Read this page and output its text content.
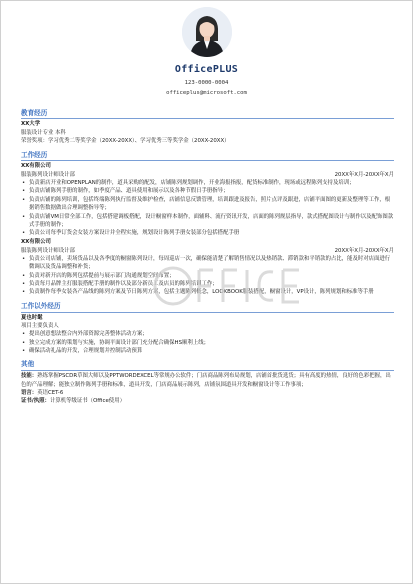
OfficePLUS
123-0000-0004
officeplus@microsoft.com
教育经历
XX大学
服装设计专业 本科
荣誉奖项：学习优秀二等奖学金（20XX-20XX）、学习优秀三等奖学金（20XX-20XX）
工作经历
XX有限公司
服装陈列设计师设计部	20XX年X月-20XX年X月
• 负责新店开业和OPENPLAN的制作，道具采购的配发，店铺陈列规划调作，开业海报指报，配货标准制作，现场或远程陈列支持及培训；
• 负责店铺陈列手册的制作，如季度产品、道具使用和展示以及各种节假日手册指导；
• 负责店铺的陈列培训，包括终端陈列执行监督及维护检查，店铺信息反馈管理，培训跟进及报告，照片点评及跟进，店铺平面图的更新及整理等工作，根据销售数据做出合理调整指导等；
• 负责店铺VM日常全部工作，包括搭建调板搭配，设计橱窗样本制作，面辅料、流行资讯开发，店面的陈列规层指导，款式搭配图设计与制作以及配饰图款式手册的制作；
• 负责公司每季订货会女装方案设计并全程实施，规划设计陈列手册女装部分包括搭配手册
XX有限公司
服装陈列设计师设计部	20XX年X月-20XX年X月
• 负责公司店铺，卖场货品以及各季度的橱窗陈列设计，每周巡店一次，确保能清楚了解销售情况以及热销款、滞销款和平销款的占比，能及时对店面进行微调以及货品调整和补货；
• 负责对新开店的陈列包括提前与展示部门沟通规划空间布置；
• 负责每月品牌主打服装搭配手册的制作以及部分新员工及店员的陈列培训工作；
• 负责制作每季女装各产品线的陈列方案及节日陈列方案，包括主题陈列概念，LOOKBOOK服装搭配，橱窗设计，VP设计，陈列规划和标准等手册
工作以外经历
夏也时髦
项目主要负责人
• 提出创意想法整合内外部资源完善整体活动方案；
• 独立完成方案的策划与实施，协调平面设计部门充分配合确保HS顺利上线；
• 确保活动礼品的开发，合理规划并控制活动预算
其他
技能：熟练掌握PSCDR草图大师以及PPTWORDEXCEL等常规办公软件；门店商品陈列布局规划，店铺首批货选货；具有高度的热情，良好的色彩把握，出色的产品理解；能独立制作陈列手册和标准，道具开发，门店商品展示陈列，店铺氛围道具开发和橱窗设计等工作事项；
语言：英语CET-6
证书/执照：计算机等级证书（Office使用）
